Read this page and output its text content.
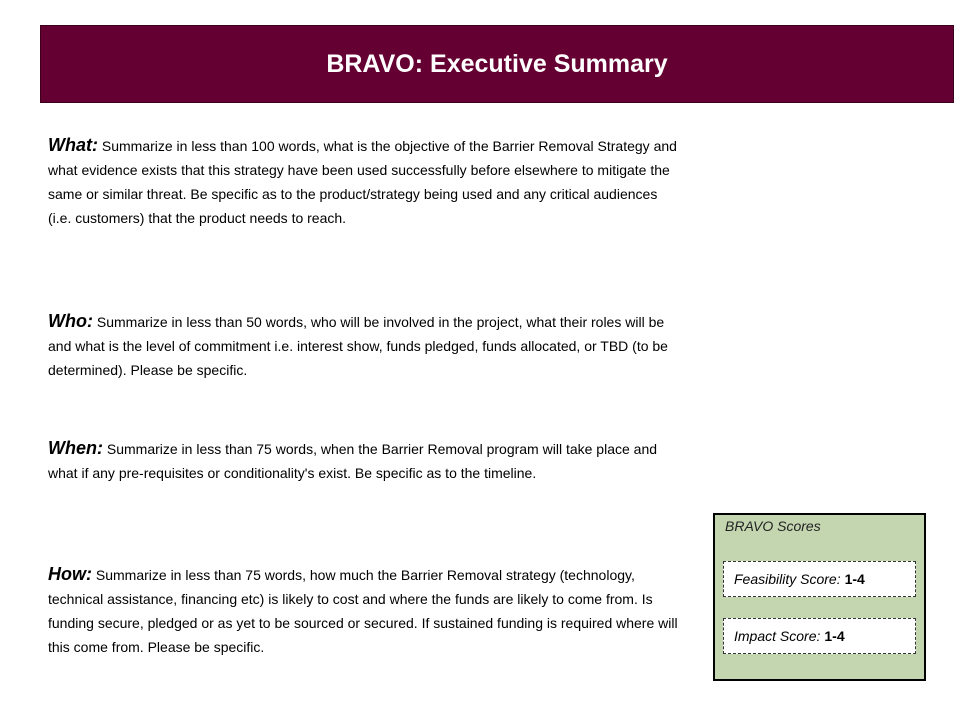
BRAVO: Executive Summary
What: Summarize in less than 100 words, what is the objective of the Barrier Removal Strategy and what evidence exists that this strategy have been used successfully before elsewhere to mitigate the same or similar threat. Be specific as to the product/strategy being used and any critical audiences (i.e. customers) that the product needs to reach.
Who: Summarize in less than 50 words, who will be involved in the project, what their roles will be and what is the level of commitment i.e. interest show, funds pledged, funds allocated, or TBD (to be determined). Please be specific.
When: Summarize in less than 75 words, when the Barrier Removal program will take place and what if any pre-requisites or conditionality's exist. Be specific as to the timeline.
How: Summarize in less than 75 words, how much the Barrier Removal strategy (technology, technical assistance, financing etc) is likely to cost and where the funds are likely to come from. Is funding secure, pledged or as yet to be sourced or secured. If sustained funding is required where will this come from. Please be specific.
BRAVO Scores
Feasibility Score: 1-4
Impact Score: 1-4
